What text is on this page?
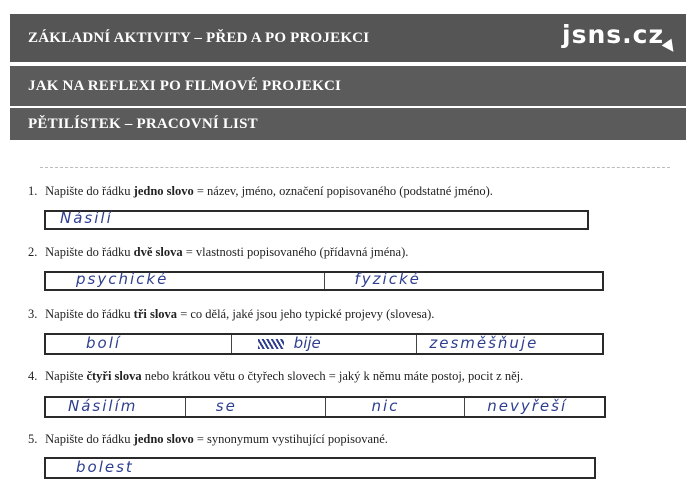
ZÁKLADNÍ AKTIVITY – PŘED A PO PROJEKCI	jsns.cz
JAK NA REFLEXI PO FILMOVÉ PROJEKCI
PĚTILÍSTEK – PRACOVNÍ LIST
1. Napište do řádku jedno slovo = název, jméno, označení popisovaného (podstatné jméno).
Násilí
2. Napište do řádku dvě slova = vlastnosti popisovaného (přídavná jména).
psychické	fyzické
3. Napište do řádku tři slova = co dělá, jaké jsou jeho typické projevy (slovesa).
bolí	bije	zesměšňuje
4. Napište čtyři slova nebo krátkou větu o čtyřech slovech = jaký k němu máte postoj, pocit z něj.
Násilím	se	nic	nevyřeší
5. Napište do řádku jedno slovo = synonymum vystihující popisované.
bolest
